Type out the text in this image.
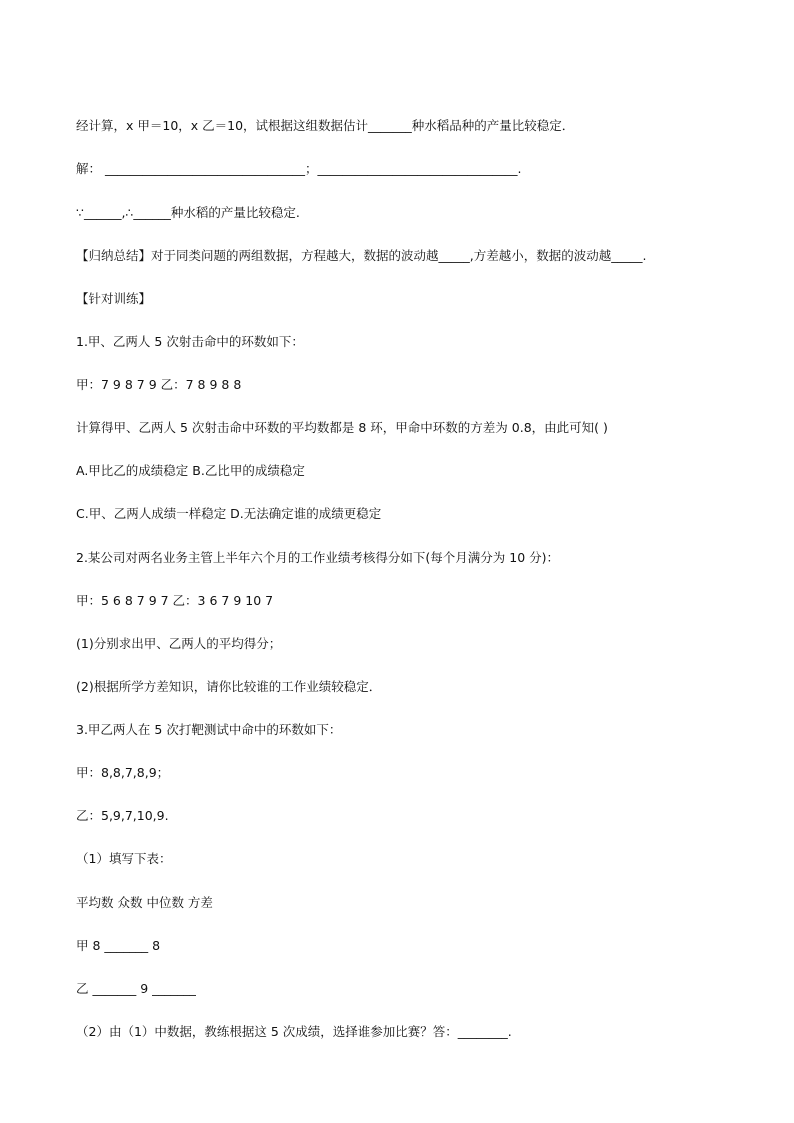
经计算，x 甲＝10，x 乙＝10，试根据这组数据估计_______种水稻品种的产量比较稳定．
解： ________________________________；________________________________.
∵______,∴______种水稻的产量比较稳定.
【归纳总结】对于同类问题的两组数据，方程越大，数据的波动越_____,方差越小，数据的波动越_____.
【针对训练】
1.甲、乙两人 5 次射击命中的环数如下：
甲：7 9 8 7 9 乙：7 8 9 8 8
计算得甲、乙两人 5 次射击命中环数的平均数都是 8 环，甲命中环数的方差为 0.8，由此可知( )
A.甲比乙的成绩稳定 B.乙比甲的成绩稳定
C.甲、乙两人成绩一样稳定 D.无法确定谁的成绩更稳定
2.某公司对两名业务主管上半年六个月的工作业绩考核得分如下(每个月满分为 10 分)：
甲：5 6 8 7 9 7 乙：3 6 7 9 10 7
(1)分别求出甲、乙两人的平均得分；
(2)根据所学方差知识，请你比较谁的工作业绩较稳定．
3.甲乙两人在 5 次打靶测试中命中的环数如下：
甲：8,8,7,8,9；
乙：5,9,7,10,9.
（1）填写下表：
平均数 众数 中位数 方差
甲 8 _______ 8
乙 _______ 9 _______
（2）由（1）中数据，教练根据这 5 次成绩，选择谁参加比赛？答：________.
